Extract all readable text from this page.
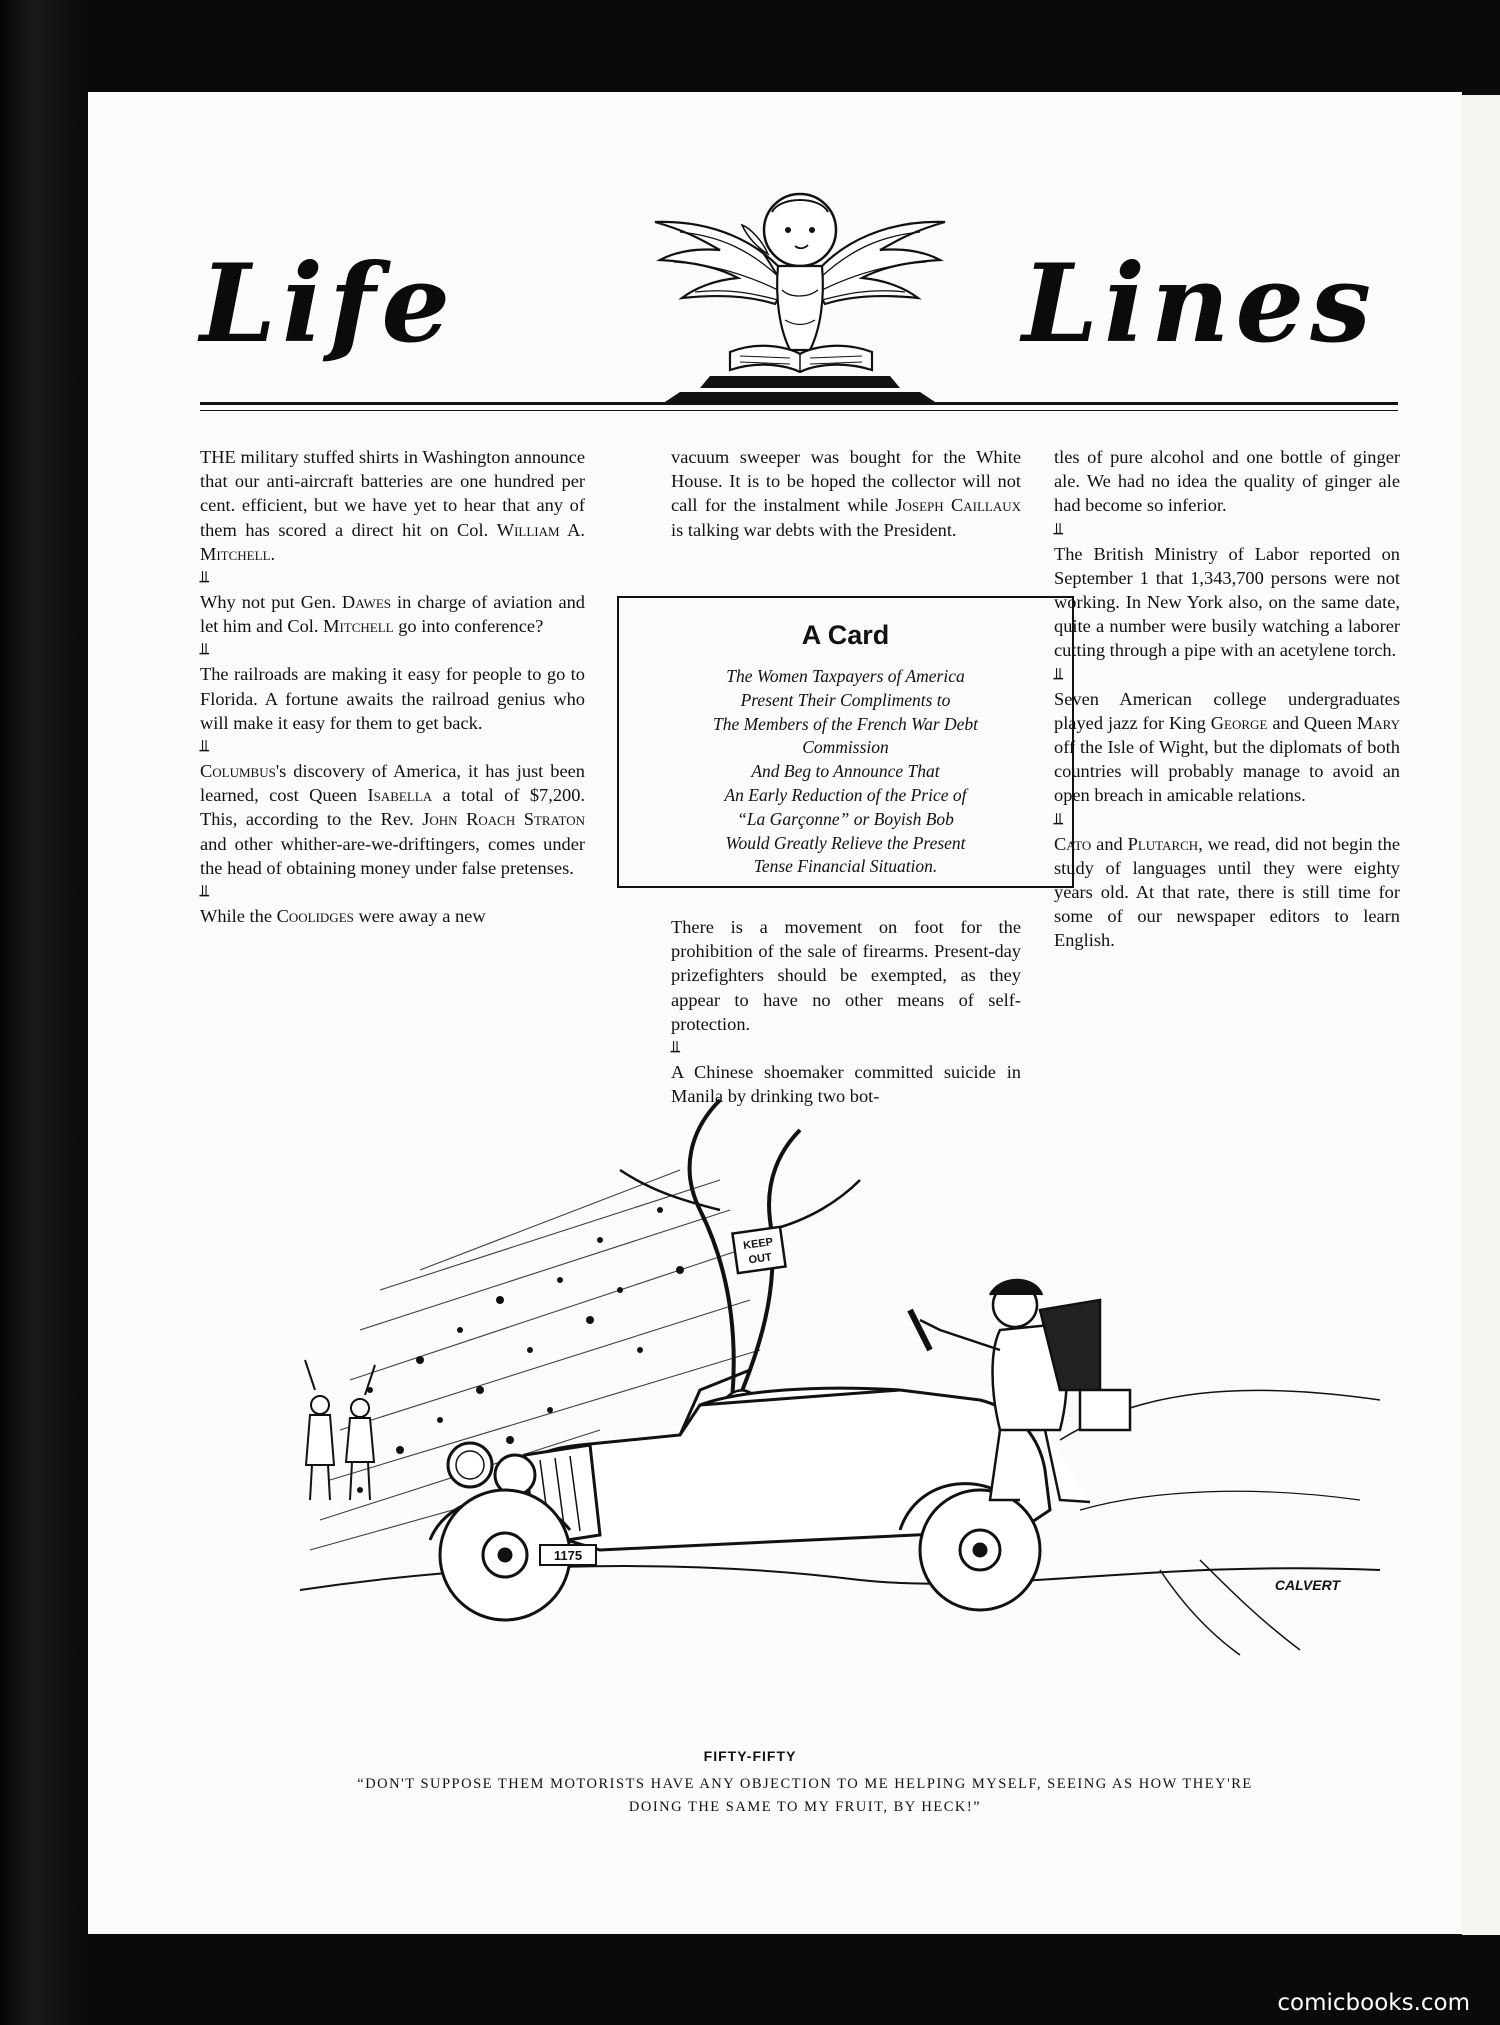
Life	Lines

THE military stuffed shirts in Washington announce that our anti-aircraft batteries are one hundred per cent. efficient, but we have yet to hear that any of them has scored a direct hit on Col. William A. Mitchell.

⫫

Why not put Gen. Dawes in charge of aviation and let him and Col. Mitchell go into conference?

⫫

The railroads are making it easy for people to go to Florida. A fortune awaits the railroad genius who will make it easy for them to get back.

⫫

Columbus's discovery of America, it has just been learned, cost Queen Isabella a total of $7,200. This, according to the Rev. John Roach Straton and other whither-are-we-driftingers, comes under the head of obtaining money under false pretenses.

⫫

While the Coolidges were away a new

vacuum sweeper was bought for the White House. It is to be hoped the collector will not call for the instalment while Joseph Caillaux is talking war debts with the President.

A Card
The Women Taxpayers of America
Present Their Compliments to
The Members of the French War Debt
Commission
And Beg to Announce That
An Early Reduction of the Price of
“La Garçonne” or Boyish Bob
Would Greatly Relieve the Present
Tense Financial Situation.

There is a movement on foot for the prohibition of the sale of firearms. Present-day prizefighters should be exempted, as they appear to have no other means of self-protection.

⫫

A Chinese shoemaker committed suicide in Manila by drinking two bot-

tles of pure alcohol and one bottle of ginger ale. We had no idea the quality of ginger ale had become so inferior.

⫫

The British Ministry of Labor reported on September 1 that 1,343,700 persons were not working. In New York also, on the same date, quite a number were busily watching a laborer cutting through a pipe with an acetylene torch.

⫫

Seven American college undergraduates played jazz for King George and Queen Mary off the Isle of Wight, but the diplomats of both countries will probably manage to avoid an open breach in amicable relations.

⫫

Cato and Plutarch, we read, did not begin the study of languages until they were eighty years old. At that rate, there is still time for some of our newspaper editors to learn English.

KEEP
OUT
1175
CALVERT
FIFTY-FIFTY
“DON'T SUPPOSE THEM MOTORISTS HAVE ANY OBJECTION TO ME HELPING MYSELF, SEEING AS HOW THEY'RE DOING THE SAME TO MY FRUIT, BY HECK!”
comicbooks.com
